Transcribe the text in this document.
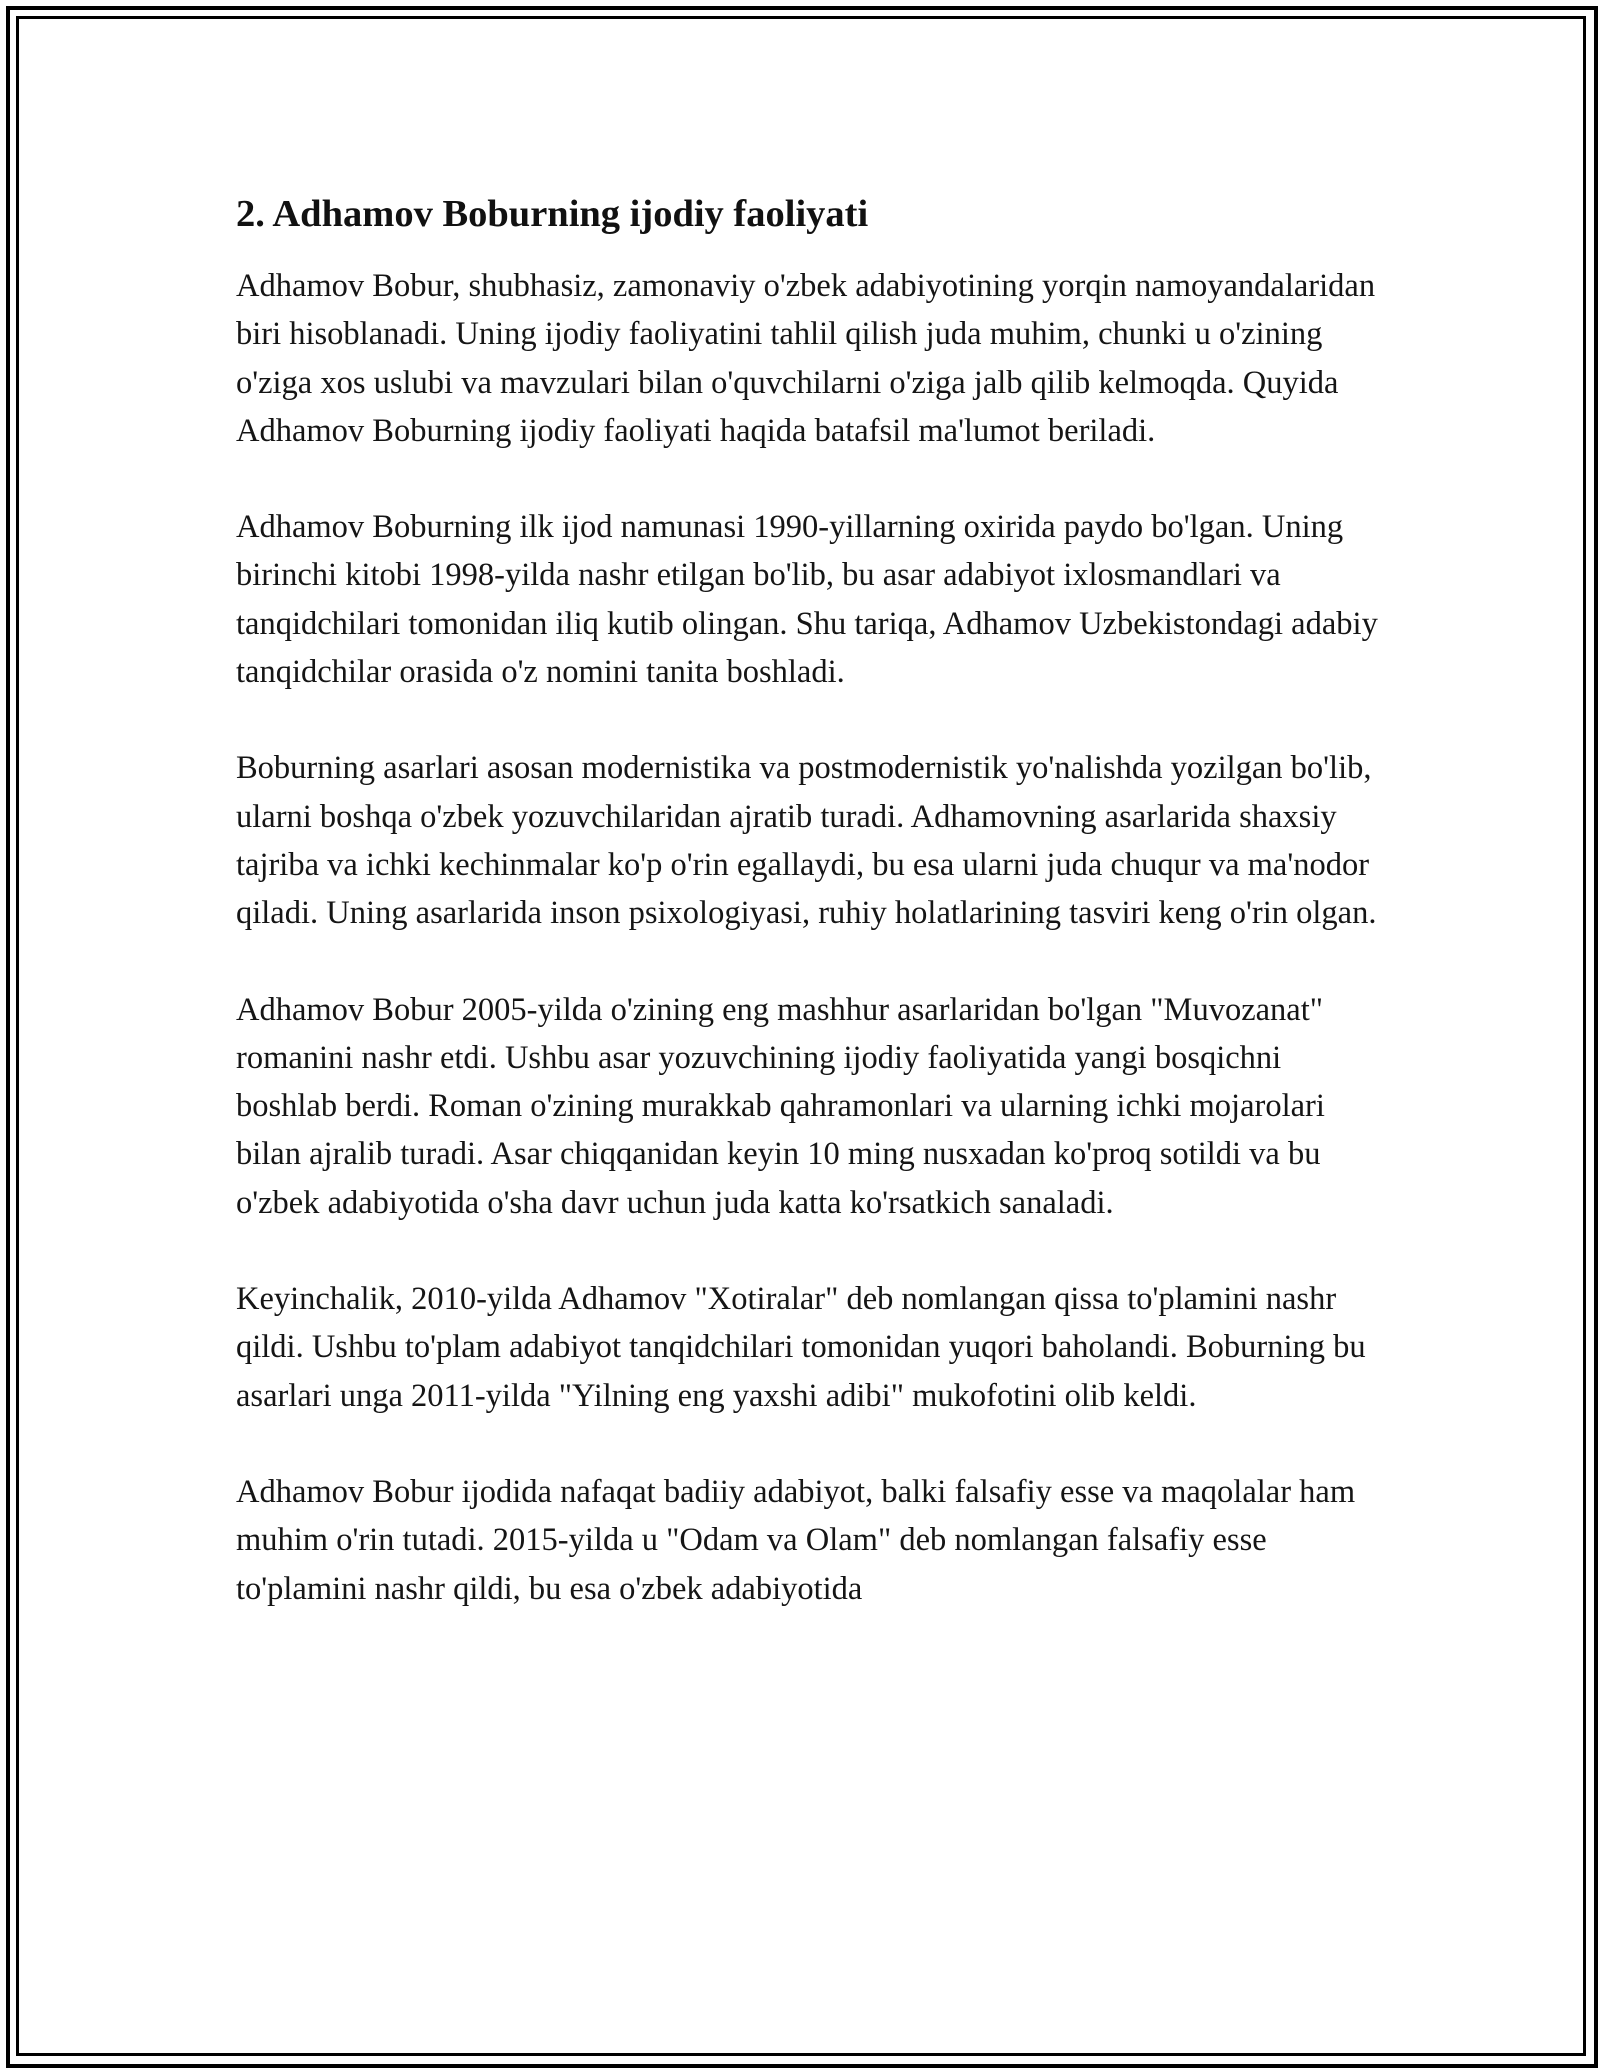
2. Adhamov Boburning ijodiy faoliyati

Adhamov Bobur, shubhasiz, zamonaviy o'zbek adabiyotining yorqin namoyandalaridan biri hisoblanadi. Uning ijodiy faoliyatini tahlil qilish juda muhim, chunki u o'zining o'ziga xos uslubi va mavzulari bilan o'quvchilarni o'ziga jalb qilib kelmoqda. Quyida Adhamov Boburning ijodiy faoliyati haqida batafsil ma'lumot beriladi.

Adhamov Boburning ilk ijod namunasi 1990-yillarning oxirida paydo bo'lgan. Uning birinchi kitobi 1998-yilda nashr etilgan bo'lib, bu asar adabiyot ixlosmandlari va tanqidchilari tomonidan iliq kutib olingan. Shu tariqa, Adhamov Uzbekistondagi adabiy tanqidchilar orasida o'z nomini tanita boshladi.

Boburning asarlari asosan modernistika va postmodernistik yo'nalishda yozilgan bo'lib, ularni boshqa o'zbek yozuvchilaridan ajratib turadi. Adhamovning asarlarida shaxsiy tajriba va ichki kechinmalar ko'p o'rin egallaydi, bu esa ularni juda chuqur va ma'nodor qiladi. Uning asarlarida inson psixologiyasi, ruhiy holatlarining tasviri keng o'rin olgan.

Adhamov Bobur 2005-yilda o'zining eng mashhur asarlaridan bo'lgan "Muvozanat" romanini nashr etdi. Ushbu asar yozuvchining ijodiy faoliyatida yangi bosqichni boshlab berdi. Roman o'zining murakkab qahramonlari va ularning ichki mojarolari bilan ajralib turadi. Asar chiqqanidan keyin 10 ming nusxadan ko'proq sotildi va bu o'zbek adabiyotida o'sha davr uchun juda katta ko'rsatkich sanaladi.

Keyinchalik, 2010-yilda Adhamov "Xotiralar" deb nomlangan qissa to'plamini nashr qildi. Ushbu to'plam adabiyot tanqidchilari tomonidan yuqori baholandi. Boburning bu asarlari unga 2011-yilda "Yilning eng yaxshi adibi" mukofotini olib keldi.

Adhamov Bobur ijodida nafaqat badiiy adabiyot, balki falsafiy esse va maqolalar ham muhim o'rin tutadi. 2015-yilda u "Odam va Olam" deb nomlangan falsafiy esse to'plamini nashr qildi, bu esa o'zbek adabiyotida
